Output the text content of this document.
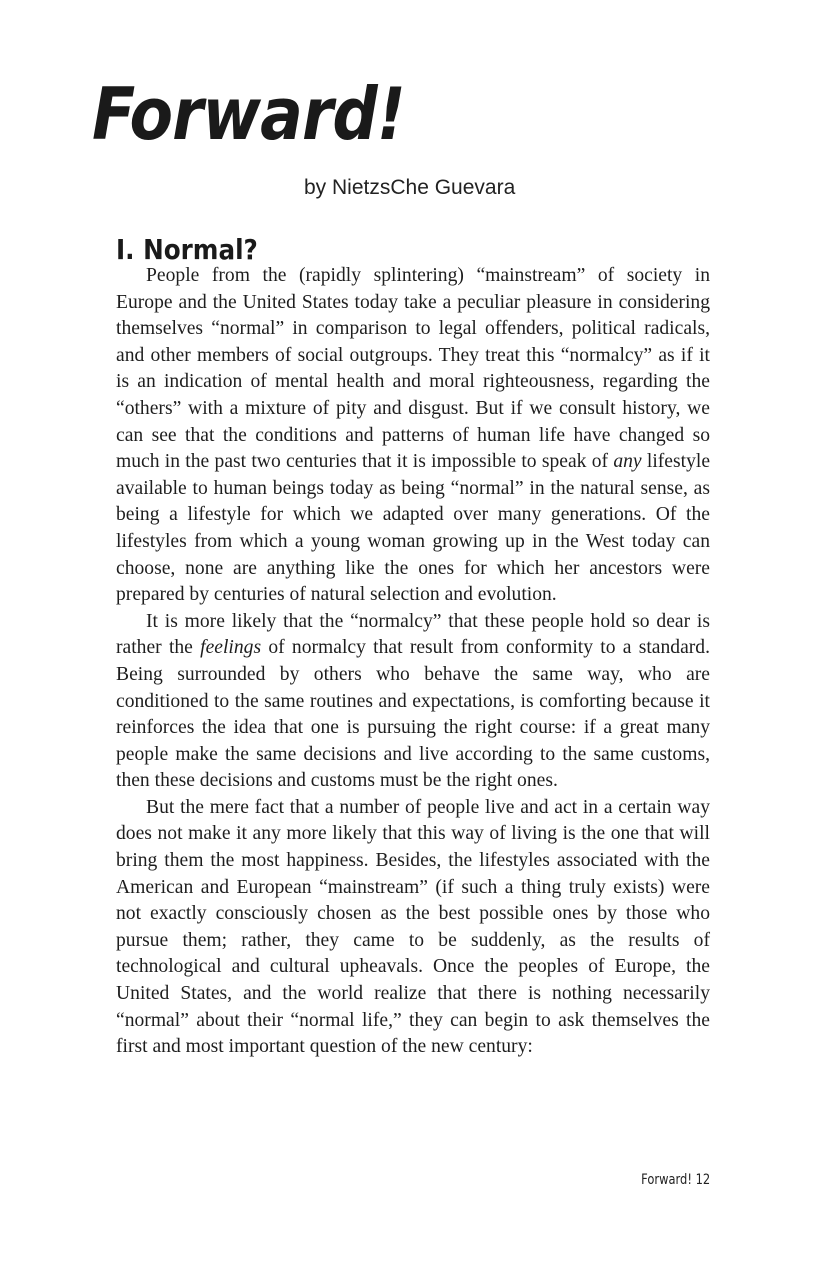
Forward!
by NietzsChe Guevara
I. Normal?

People from the (rapidly splintering) “mainstream” of society in Europe and the United States today take a peculiar pleasure in considering themselves “normal” in comparison to legal offenders, political radicals, and other members of social outgroups. They treat this “normalcy” as if it is an indication of mental health and moral righteousness, regarding the “others” with a mixture of pity and disgust. But if we consult history, we can see that the conditions and patterns of human life have changed so much in the past two centuries that it is impossible to speak of any lifestyle available to human beings today as being “normal” in the natural sense, as being a lifestyle for which we adapted over many generations. Of the lifestyles from which a young woman growing up in the West today can choose, none are anything like the ones for which her ancestors were prepared by centuries of natural selection and evolution.

It is more likely that the “normalcy” that these people hold so dear is rather the feelings of normalcy that result from conformity to a standard. Being surrounded by others who behave the same way, who are conditioned to the same routines and expectations, is comforting because it reinforces the idea that one is pursuing the right course: if a great many people make the same decisions and live according to the same customs, then these decisions and customs must be the right ones.

But the mere fact that a number of people live and act in a certain way does not make it any more likely that this way of living is the one that will bring them the most happiness. Besides, the lifestyles associated with the American and European “mainstream” (if such a thing truly exists) were not exactly consciously chosen as the best possible ones by those who pursue them; rather, they came to be suddenly, as the results of technological and cultural upheavals. Once the peoples of Europe, the United States, and the world realize that there is nothing necessarily “normal” about their “normal life,” they can begin to ask themselves the first and most important question of the new century:

Forward! 12
